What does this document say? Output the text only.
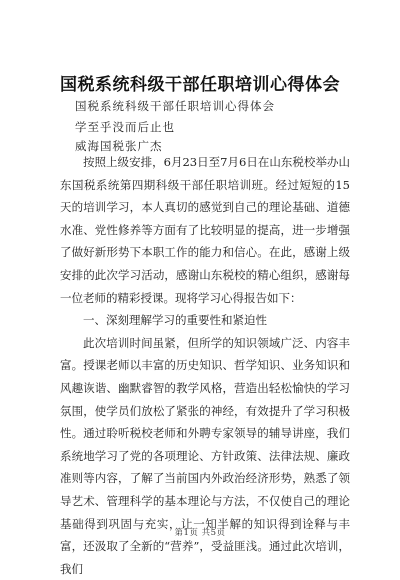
国税系统科级干部任职培训心得体会
国税系统科级干部任职培训心得体会
学至乎没而后止也
威海国税张广杰

按照上级安排，6月23日至7月6日在山东税校举办山东国税系统第四期科级干部任职培训班。经过短短的15天的培训学习，本人真切的感觉到自己的理论基础、道德水准、党性修养等方面有了比较明显的提高，进一步增强了做好新形势下本职工作的能力和信心。在此，感谢上级安排的此次学习活动，感谢山东税校的精心组织，感谢每一位老师的精彩授课。现将学习心得报告如下：

一、深刻理解学习的重要性和紧迫性

此次培训时间虽紧，但所学的知识领域广泛、内容丰富。授课老师以丰富的历史知识、哲学知识、业务知识和风趣诙谐、幽默睿智的教学风格，营造出轻松愉快的学习氛围，使学员们放松了紧张的神经，有效提升了学习积极性。通过聆听税校老师和外聘专家领导的辅导讲座，我们系统地学习了党的各项理论、方针政策、法律法规、廉政准则等内容，了解了当前国内外政治经济形势，熟悉了领导艺术、管理科学的基本理论与方法，不仅使自己的理论基础得到巩固与充实，让一知半解的知识得到诠释与丰富，还汲取了全新的“营养”，受益匪浅。通过此次培训，我们

第1页 共5页
